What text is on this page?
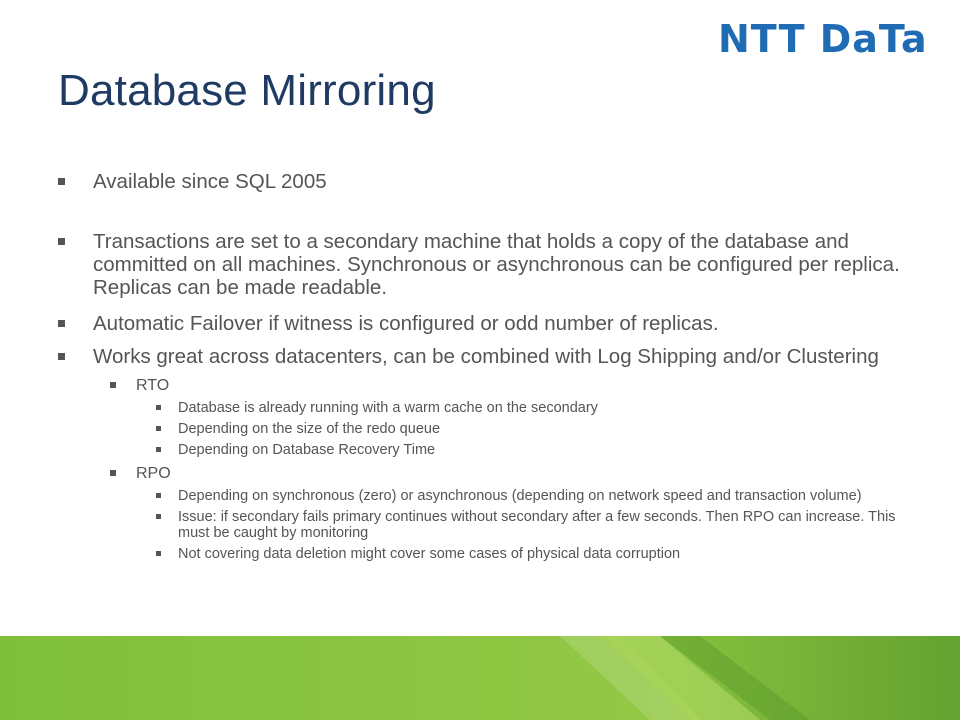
NTT DaTa
Database Mirroring
Available since SQL 2005
Transactions are set to a secondary machine that holds a copy of the database and committed on all machines. Synchronous or asynchronous can be configured per replica. Replicas can be made readable.
Automatic Failover if witness is configured or odd number of replicas.
Works great across datacenters, can be combined with Log Shipping and/or Clustering
RTO
Database is already running with a warm cache on the secondary
Depending on the size of the redo queue
Depending on Database Recovery Time
RPO
Depending on synchronous (zero) or asynchronous (depending on network speed and transaction volume)
Issue: if secondary fails primary continues without secondary after a few seconds. Then RPO can increase. This must be caught by monitoring
Not covering data deletion might cover some cases of physical data corruption
